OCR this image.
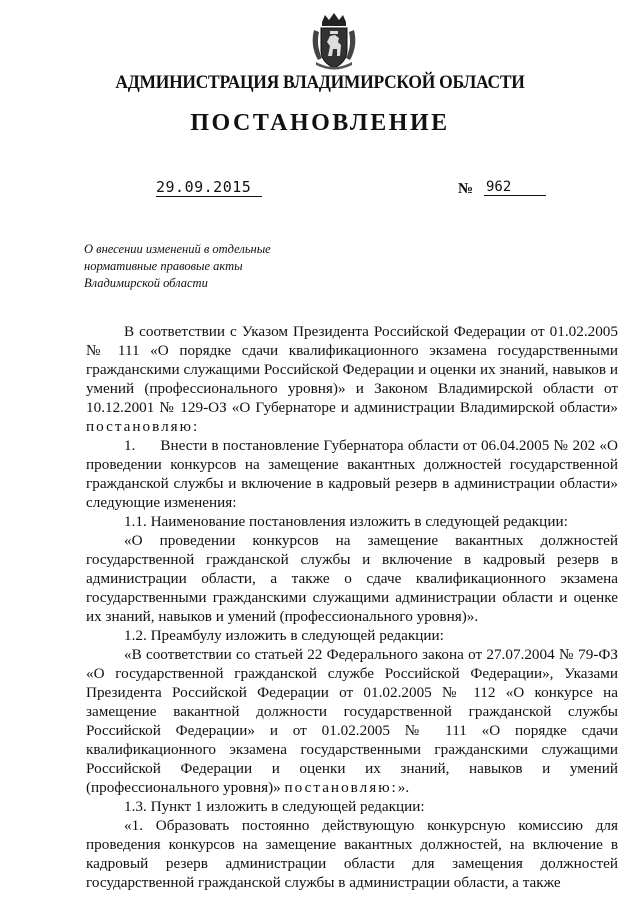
АДМИНИСТРАЦИЯ ВЛАДИМИРСКОЙ ОБЛАСТИ
ПОСТАНОВЛЕНИЕ
29.09.2015	№ 962
О внесении изменений в отдельные
нормативные правовые акты
Владимирской области

В соответствии с Указом Президента Российской Федерации от 01.02.2005 № 111 «О порядке сдачи квалификационного экзамена государственными гражданскими служащими Российской Федерации и оценки их знаний, навыков и умений (профессионального уровня)» и Законом Владимирской области от 10.12.2001 № 129-ОЗ «О Губернаторе и администрации Владимирской области» постановляю:

1.      Внести в постановление Губернатора области от 06.04.2005 № 202 «О проведении конкурсов на замещение вакантных должностей государственной гражданской службы и включение в кадровый резерв в администрации области» следующие изменения:

1.1. Наименование постановления изложить в следующей редакции:

«О проведении конкурсов на замещение вакантных должностей государственной гражданской службы и включение в кадровый резерв в администрации области, а также о сдаче квалификационного экзамена государственными гражданскими служащими администрации области и оценке их знаний, навыков и умений (профессионального уровня)».

1.2. Преамбулу изложить в следующей редакции:

«В соответствии со статьей 22 Федерального закона от 27.07.2004 № 79-ФЗ «О государственной гражданской службе Российской Федерации», Указами Президента Российской Федерации от 01.02.2005 № 112 «О конкурсе на замещение вакантной должности государственной гражданской службы Российской Федерации» и от 01.02.2005 № 111 «О порядке сдачи квалификационного экзамена государственными гражданскими служащими Российской Федерации и оценки их знаний, навыков и умений (профессионального уровня)» постановляю:».

1.3. Пункт 1 изложить в следующей редакции:

«1. Образовать постоянно действующую конкурсную комиссию для проведения конкурсов на замещение вакантных должностей, на включение в кадровый резерв администрации области для замещения должностей государственной гражданской службы в администрации области, а также
